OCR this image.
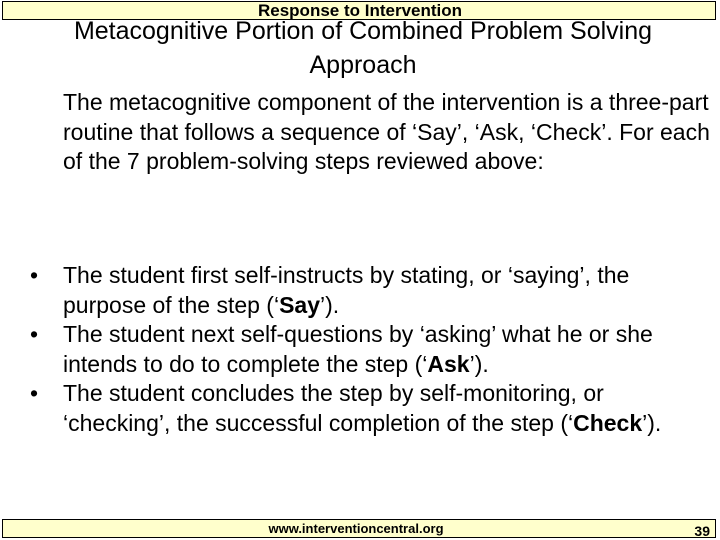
Response to Intervention
Metacognitive Portion of Combined Problem Solving Approach

The metacognitive component of the intervention is a three-part routine that follows a sequence of ‘Say’, ‘Ask, ‘Check’. For each of the 7 problem-solving steps reviewed above:

• The student first self-instructs by stating, or ‘saying’, the purpose of the step (‘Say’).
• The student next self-questions by ‘asking’ what he or she intends to do to complete the step (‘Ask’).
• The student concludes the step by self-monitoring, or ‘checking’, the successful completion of the step (‘Check’).
www.interventioncentral.org	39
